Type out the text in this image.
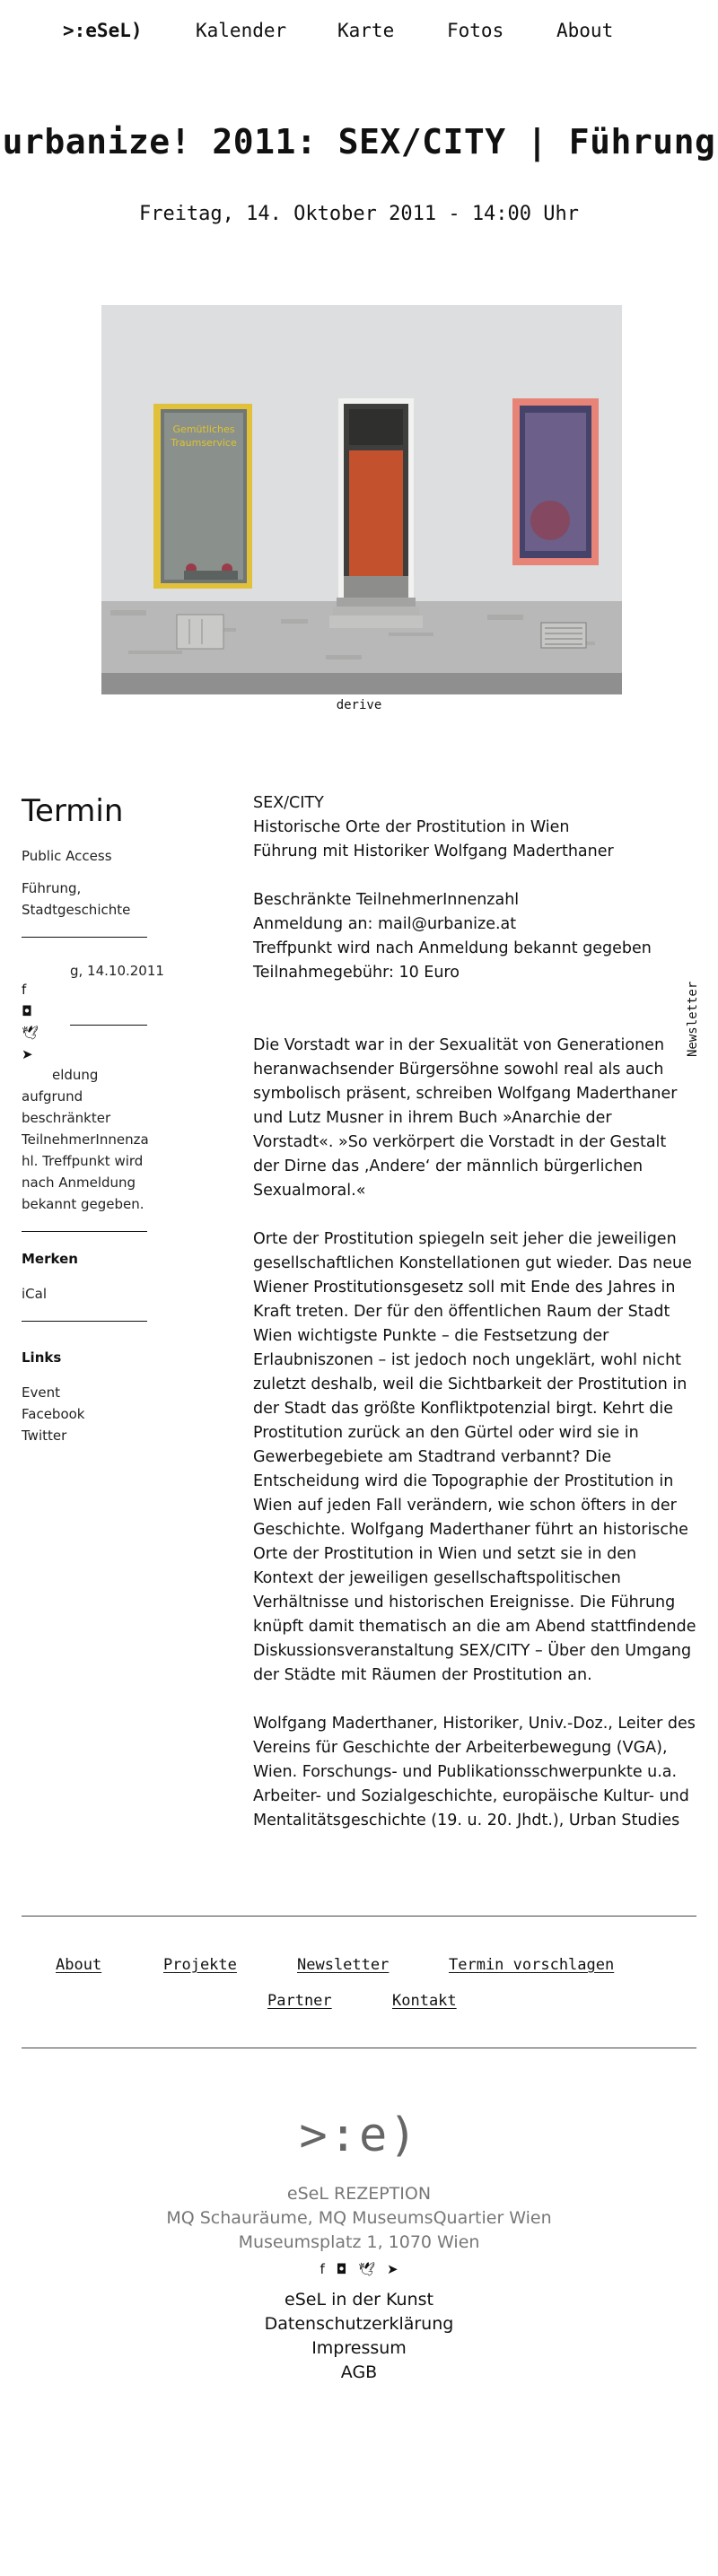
>:eSeL)	Kalender	Karte	Fotos	About
urbanize! 2011: SEX/CITY | Führung
Freitag, 14. Oktober 2011 - 14:00 Uhr
Gemütliches
Traumservice
derive
Termin
Public Access
Führung,
Stadtgeschichte
g, 14.10.2011
f
◘
🕊
➤
eldung
aufgrund
beschränkter
TeilnehmerInnenza
hl. Treffpunkt wird
nach Anmeldung
bekannt gegeben.
Merken
iCal
Links
Event
Facebook
Twitter

SEX/CITY

Historische Orte der Prostitution in Wien

Führung mit Historiker Wolfgang Maderthaner

Beschränkte TeilnehmerInnenzahl

Anmeldung an: mail@urbanize.at

Treffpunkt wird nach Anmeldung bekannt gegeben

Teilnahmegebühr: 10 Euro

Die Vorstadt war in der Sexualität von Generationen heranwachsender Bürgersöhne sowohl real als auch symbolisch präsent, schreiben Wolfgang Maderthaner und Lutz Musner in ihrem Buch »Anarchie der Vorstadt«. »So verkörpert die Vorstadt in der Gestalt der Dirne das ‚Andere‘ der männlich bürgerlichen Sexualmoral.«

Orte der Prostitution spiegeln seit jeher die jeweiligen gesellschaftlichen Konstellationen gut wieder. Das neue Wiener Prostitutionsgesetz soll mit Ende des Jahres in Kraft treten. Der für den öffentlichen Raum der Stadt Wien wichtigste Punkte – die Festsetzung der Erlaubniszonen – ist jedoch noch ungeklärt, wohl nicht zuletzt deshalb, weil die Sichtbarkeit der Prostitution in der Stadt das größte Konfliktpotenzial birgt. Kehrt die Prostitution zurück an den Gürtel oder wird sie in Gewerbegebiete am Stadtrand verbannt? Die Entscheidung wird die Topographie der Prostitution in Wien auf jeden Fall verändern, wie schon öfters in der Geschichte. Wolfgang Maderthaner führt an historische Orte der Prostitution in Wien und setzt sie in den Kontext der jeweiligen gesellschaftspolitischen Verhältnisse und historischen Ereignisse. Die Führung knüpft damit thematisch an die am Abend stattfindende Diskussionsveranstaltung SEX/CITY – Über den Umgang der Städte mit Räumen der Prostitution an.

Wolfgang Maderthaner, Historiker, Univ.-Doz., Leiter des Vereins für Geschichte der Arbeiterbewegung (VGA), Wien. Forschungs- und Publikationsschwerpunkte u.a. Arbeiter- und Sozialgeschichte, europäische Kultur- und Mentalitätsgeschichte (19. u. 20. Jhdt.), Urban Studies

Newsletter
About	Projekte	Newsletter	Termin vorschlagen
Partner	Kontakt
>:e)
eSeL REZEPTION
MQ Schauräume, MQ MuseumsQuartier Wien
Museumsplatz 1, 1070 Wien
f ◘ 🕊 ➤
eSeL in der Kunst
Datenschutzerklärung
Impressum
AGB
